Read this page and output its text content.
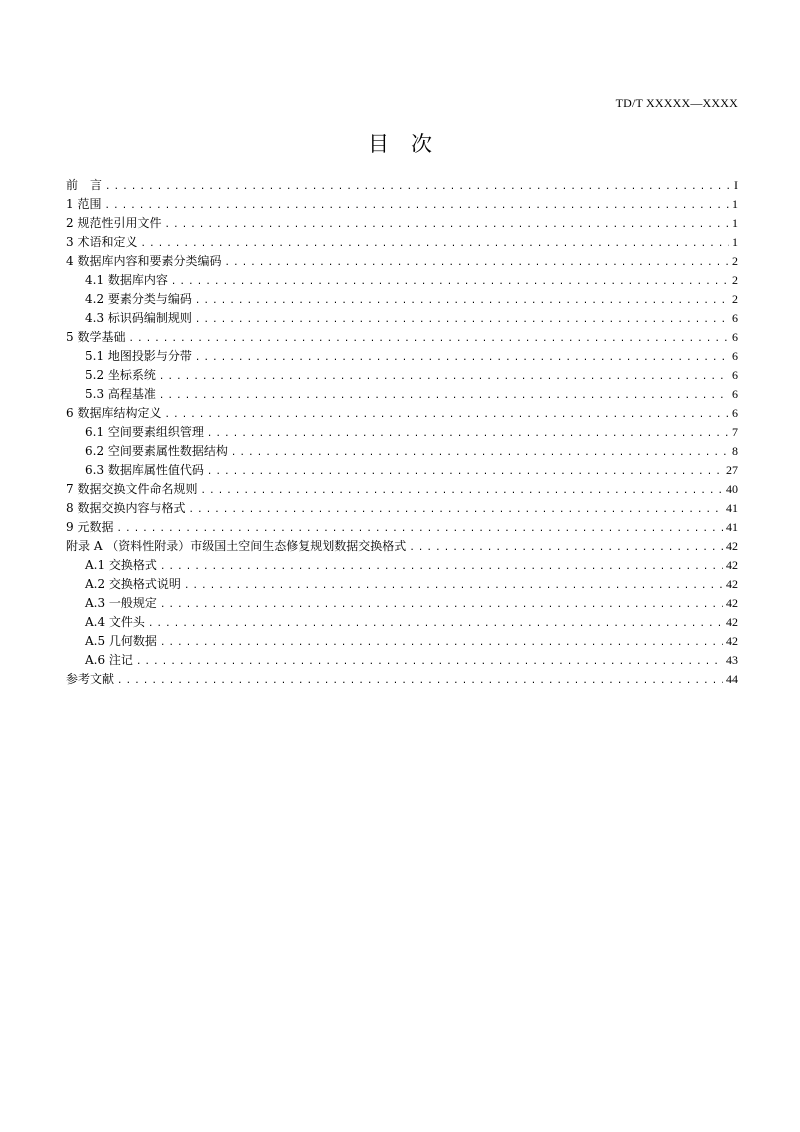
TD/T XXXXX—XXXX
目次
前　言 .....	I
1 范围 .....	1
2 规范性引用文件 .....	1
3 术语和定义 .....	1
4 数据库内容和要素分类编码 .....	2
4.1 数据库内容 .....	2
4.2 要素分类与编码 .....	2
4.3 标识码编制规则 .....	6
5 数学基础 .....	6
5.1 地图投影与分带 .....	6
5.2 坐标系统 .....	6
5.3 高程基准 .....	6
6 数据库结构定义 .....	6
6.1 空间要素组织管理 .....	7
6.2 空间要素属性数据结构 .....	8
6.3 数据库属性值代码 .....	27
7 数据交换文件命名规则 .....	40
8 数据交换内容与格式 .....	41
9 元数据 .....	41
附录 A （资料性附录）市级国土空间生态修复规划数据交换格式 .....	42
A.1 交换格式 .....	42
A.2 交换格式说明 .....	42
A.3 一般规定 .....	42
A.4 文件头 .....	42
A.5 几何数据 .....	42
A.6 注记 .....	43
参考文献 .....	44
